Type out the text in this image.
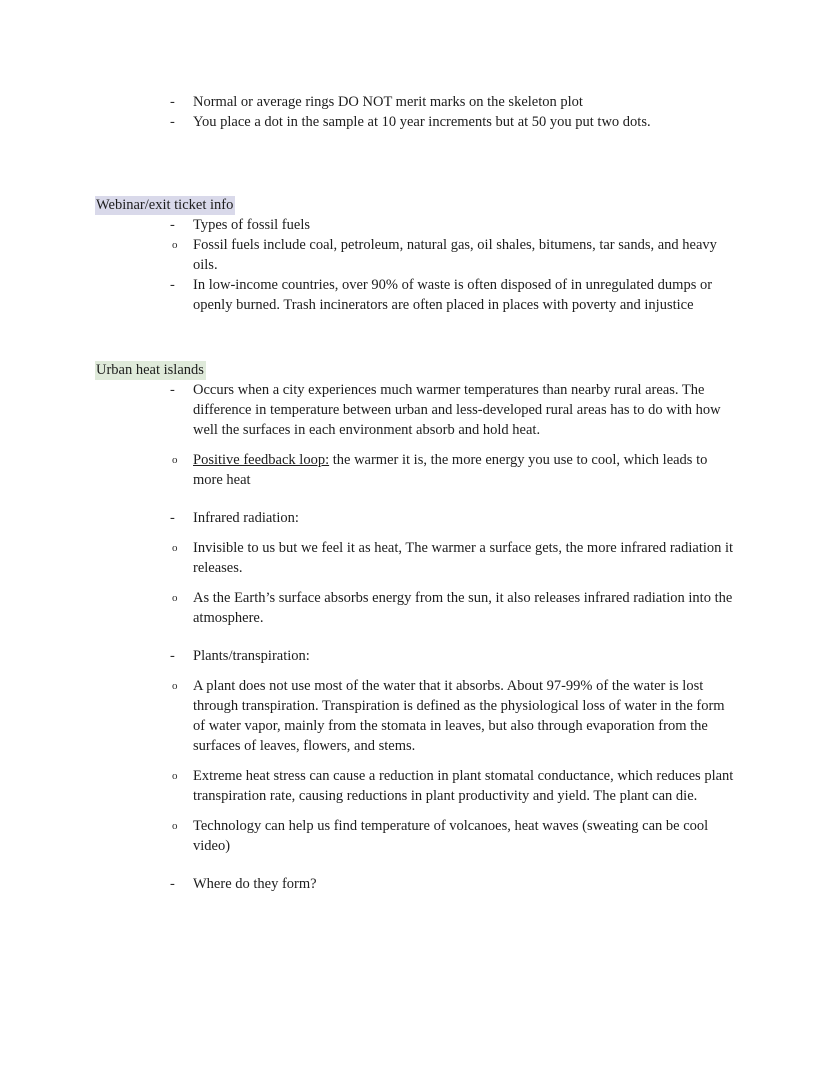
- Normal or average rings DO NOT merit marks on the skeleton plot
- You place a dot in the sample at 10 year increments but at 50 you put two dots.
Webinar/exit ticket info
- Types of fossil fuels
o Fossil fuels include coal, petroleum, natural gas, oil shales, bitumens, tar sands, and heavy oils.
- In low-income countries, over 90% of waste is often disposed of in unregulated dumps or openly burned. Trash incinerators are often placed in places with poverty and injustice
Urban heat islands
- Occurs when a city experiences much warmer temperatures than nearby rural areas. The difference in temperature between urban and less-developed rural areas has to do with how well the surfaces in each environment absorb and hold heat.
o Positive feedback loop: the warmer it is, the more energy you use to cool, which leads to more heat
- Infrared radiation:
o Invisible to us but we feel it as heat, The warmer a surface gets, the more infrared radiation it releases.
o As the Earth’s surface absorbs energy from the sun, it also releases infrared radiation into the atmosphere.
- Plants/transpiration:
o A plant does not use most of the water that it absorbs. About 97-99% of the water is lost through transpiration. Transpiration is defined as the physiological loss of water in the form of water vapor, mainly from the stomata in leaves, but also through evaporation from the surfaces of leaves, flowers, and stems.
o Extreme heat stress can cause a reduction in plant stomatal conductance, which reduces plant transpiration rate, causing reductions in plant productivity and yield. The plant can die.
o Technology can help us find temperature of volcanoes, heat waves (sweating can be cool video)
- Where do they form?
